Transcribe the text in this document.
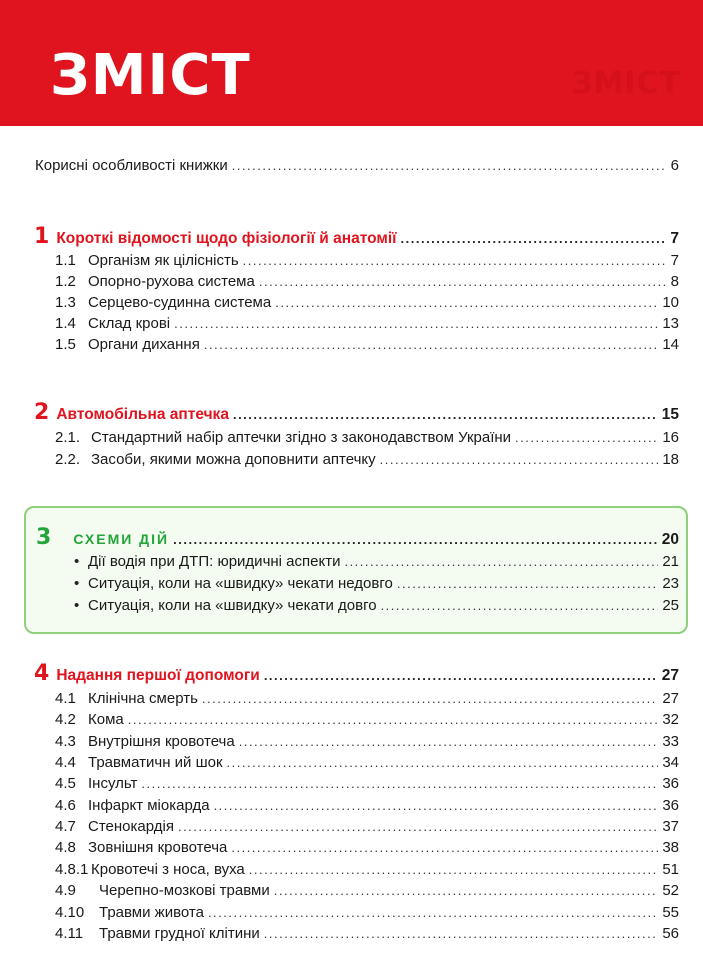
ЗМІСТ
ЗМІСТ
Корисні особливості книжки .....	6
1 Короткі відомості щодо фізіології й анатомії .....	7
1.1 Організм як цілісність .....	7
1.2 Опорно-рухова система .....	8
1.3 Серцево-судинна система .....	10
1.4 Склад крові .....	13
1.5 Органи дихання .....	14
2 Автомобільна аптечка .....	15
2.1. Стандартний набір аптечки згідно з законодавством України .....	16
2.2. Засоби, якими можна доповнити аптечку .....	18
3 СХЕМИ ДІЙ .....	20
• Дії водія при ДТП: юридичні аспекти .....	21
• Ситуація, коли на «швидку» чекати недовго .....	23
• Ситуація, коли на «швидку» чекати довго .....	25
4 Надання першої допомоги .....	27
4.1 Клінічна смерть .....	27
4.2 Кома .....	32
4.3 Внутрішня кровотеча .....	33
4.4 Травматичн ий шок .....	34
4.5 Інсульт .....	36
4.6 Інфаркт міокарда .....	36
4.7 Стенокардія .....	37
4.8 Зовнішня кровотеча .....	38
4.8.1 Кровотечі з носа, вуха .....	51
4.9	Черепно-мозкові травми .....	52
4.10 Травми живота .....	55
4.11	Травми грудної клітини .....	56
